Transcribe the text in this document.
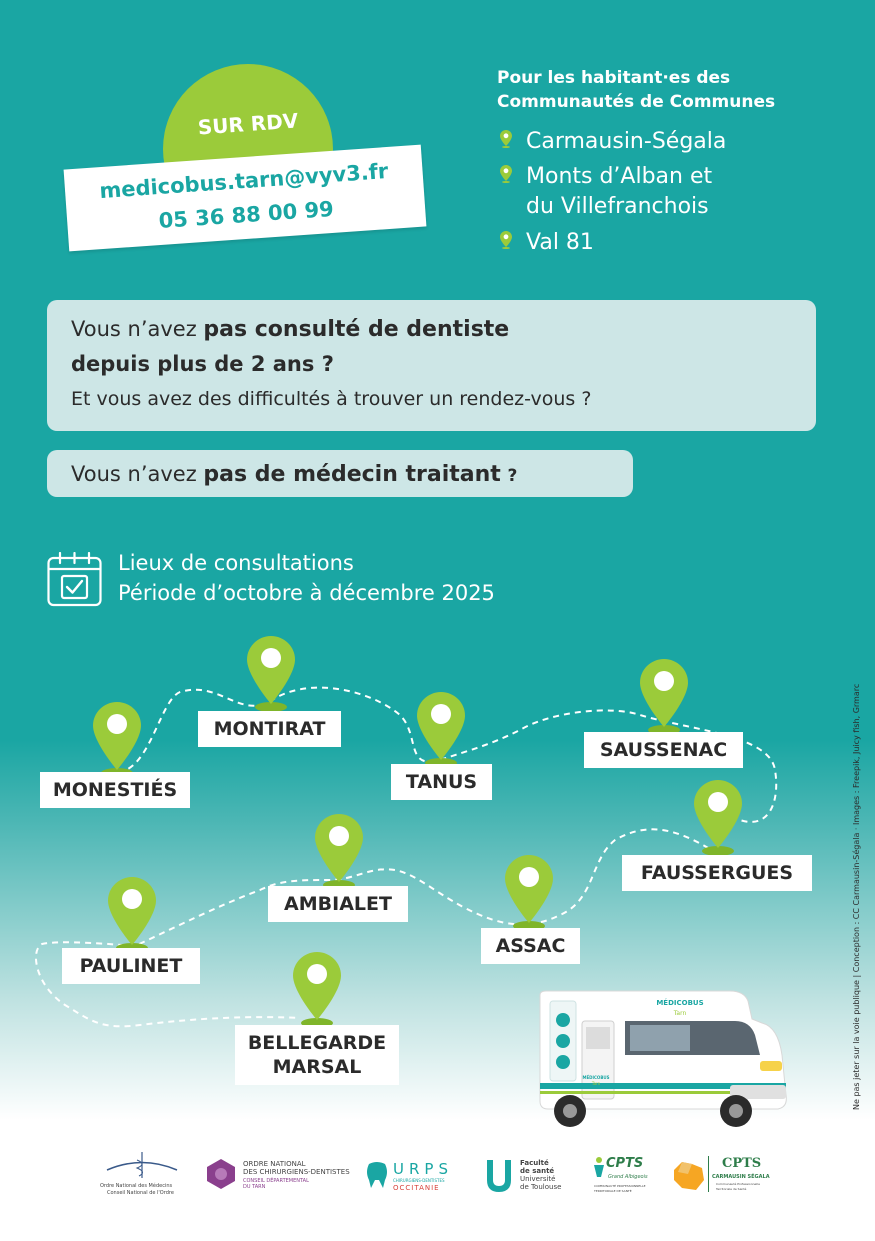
SUR RDV
medicobus.tarn@vyv3.fr
05 36 88 00 99
Pour les habitant·es des
Communautés de Communes
Carmausin-Ségala
Monts d’Alban et
du Villefranchois
Val 81
Vous n’avez pas consulté de dentiste
depuis plus de 2 ans ?
Et vous avez des difficultés à trouver un rendez-vous ?
Vous n’avez pas de médecin traitant ?
Lieux de consultations
Période d’octobre à décembre 2025
MONESTIÉS
MONTIRAT
TANUS
SAUSSENAC
FAUSSERGUES
AMBIALET
ASSAC
PAULINET
BELLEGARDE
MARSAL
MÉDICOBUS
Tarn
MÉDICOBUS
Tarn	Ne pas jeter sur la voie publique | Conception : CC Carmausin-Ségala · Images : Freepik, Juicy fish, Grmarc
Ordre National des Médecins
Conseil National de l'Ordre
ORDRE NATIONAL
DES CHIRURGIENS-DENTISTES
CONSEIL DÉPARTEMENTAL
DU TARN
URPS
CHIRURGIENS-DENTISTES
OCCITANIE
Faculté
de santé
Université
de Toulouse
CPTS
Grand Albigeois
COMMUNAUTÉ PROFESSIONNELLE
TERRITORIALE DE SANTÉ
CPTS
CARMAUSIN SÉGALA
Communauté Professionnelle
Territoriale de Santé
